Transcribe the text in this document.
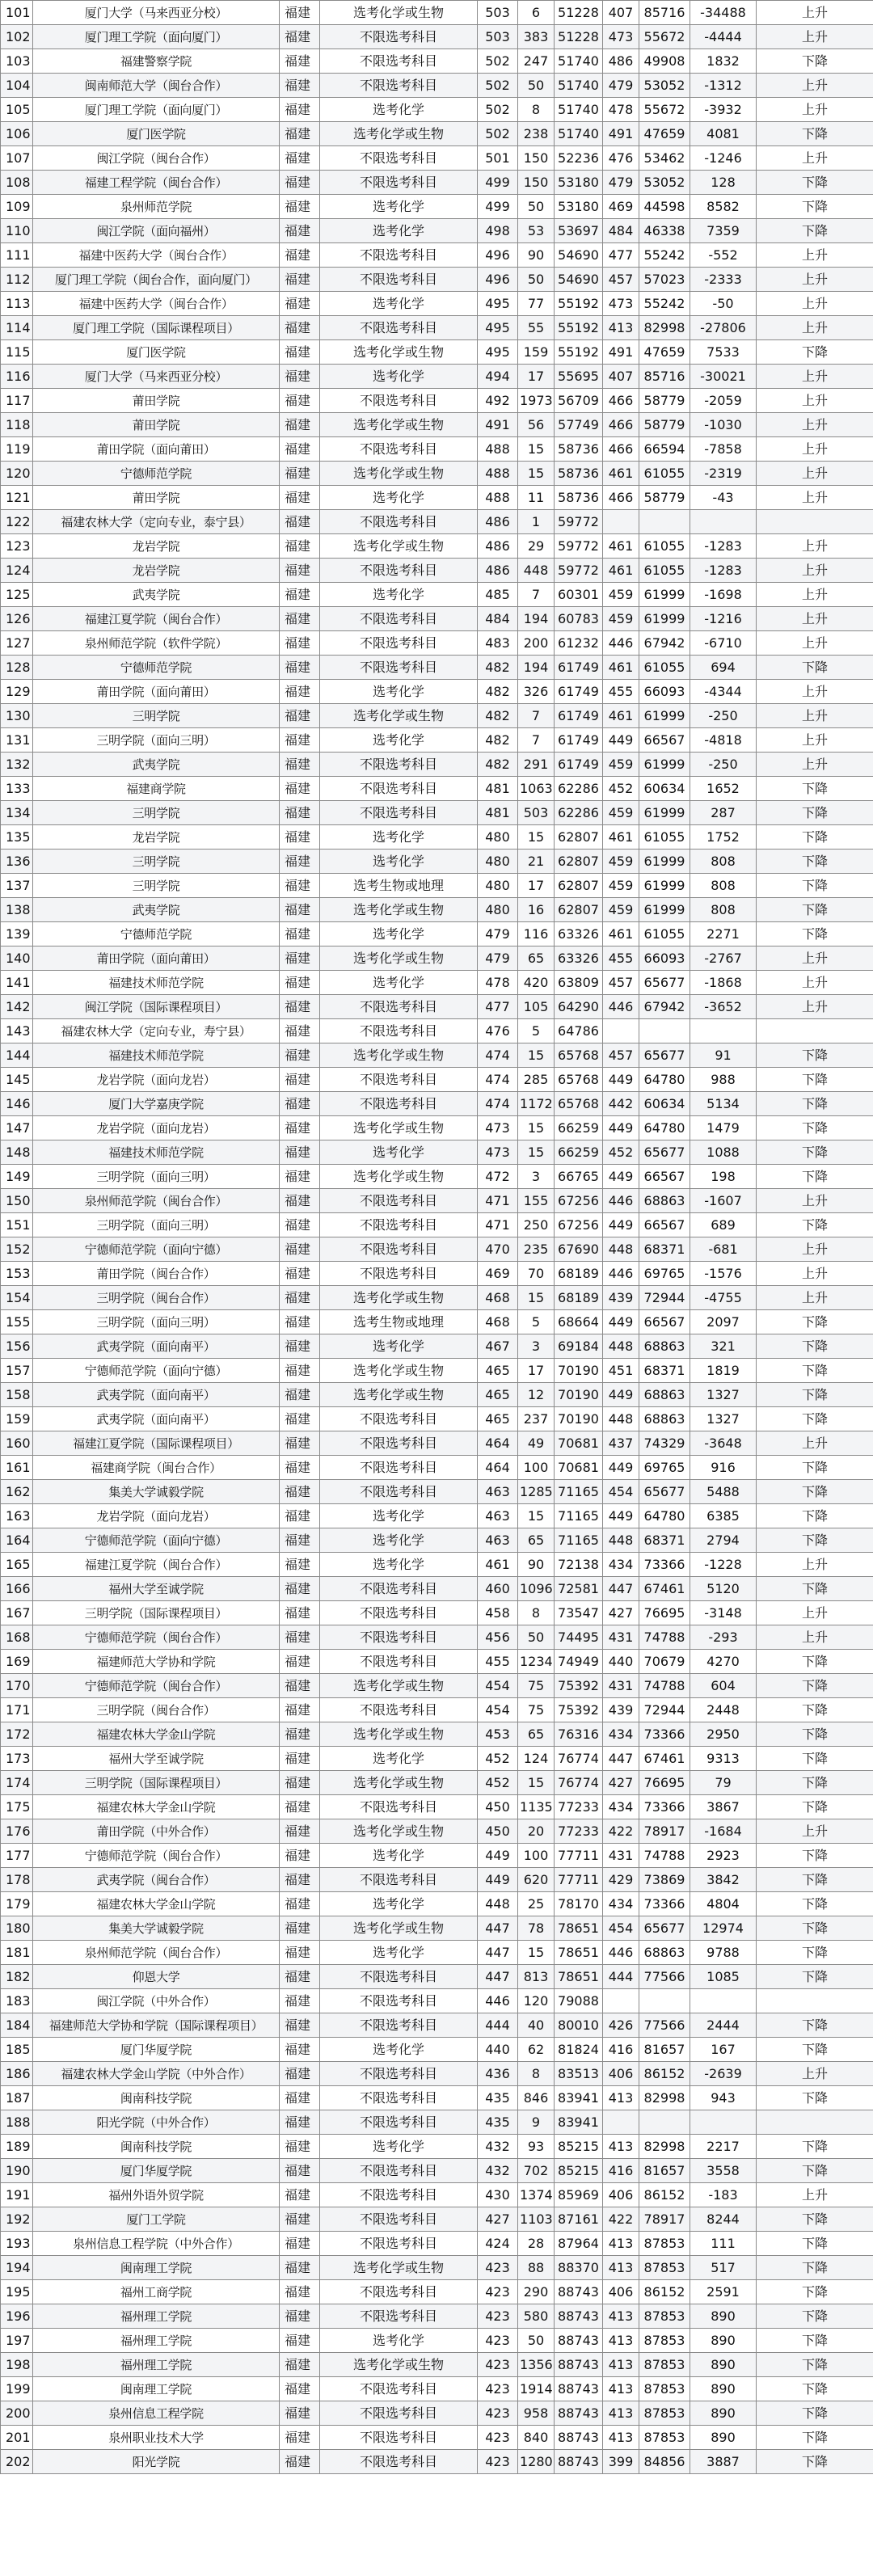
101	厦门大学（马来西亚分校）	福建	选考化学或生物	503	6	51228	407	85716	-34488	上升
102	厦门理工学院（面向厦门）	福建	不限选考科目	503	383	51228	473	55672	-4444	上升
103	福建警察学院	福建	不限选考科目	502	247	51740	486	49908	1832	下降
104	闽南师范大学（闽台合作）	福建	不限选考科目	502	50	51740	479	53052	-1312	上升
105	厦门理工学院（面向厦门）	福建	选考化学	502	8	51740	478	55672	-3932	上升
106	厦门医学院	福建	选考化学或生物	502	238	51740	491	47659	4081	下降
107	闽江学院（闽台合作）	福建	不限选考科目	501	150	52236	476	53462	-1246	上升
108	福建工程学院（闽台合作）	福建	不限选考科目	499	150	53180	479	53052	128	下降
109	泉州师范学院	福建	选考化学	499	50	53180	469	44598	8582	下降
110	闽江学院（面向福州）	福建	选考化学	498	53	53697	484	46338	7359	下降
111	福建中医药大学（闽台合作）	福建	不限选考科目	496	90	54690	477	55242	-552	上升
112	厦门理工学院（闽台合作，面向厦门）	福建	不限选考科目	496	50	54690	457	57023	-2333	上升
113	福建中医药大学（闽台合作）	福建	选考化学	495	77	55192	473	55242	-50	上升
114	厦门理工学院（国际课程项目）	福建	不限选考科目	495	55	55192	413	82998	-27806	上升
115	厦门医学院	福建	选考化学或生物	495	159	55192	491	47659	7533	下降
116	厦门大学（马来西亚分校）	福建	选考化学	494	17	55695	407	85716	-30021	上升
117	莆田学院	福建	不限选考科目	492	1973	56709	466	58779	-2059	上升
118	莆田学院	福建	选考化学或生物	491	56	57749	466	58779	-1030	上升
119	莆田学院（面向莆田）	福建	不限选考科目	488	15	58736	466	66594	-7858	上升
120	宁德师范学院	福建	选考化学或生物	488	15	58736	461	61055	-2319	上升
121	莆田学院	福建	选考化学	488	11	58736	466	58779	-43	上升
122	福建农林大学（定向专业，泰宁县）	福建	不限选考科目	486	1	59772				
123	龙岩学院	福建	选考化学或生物	486	29	59772	461	61055	-1283	上升
124	龙岩学院	福建	不限选考科目	486	448	59772	461	61055	-1283	上升
125	武夷学院	福建	选考化学	485	7	60301	459	61999	-1698	上升
126	福建江夏学院（闽台合作）	福建	不限选考科目	484	194	60783	459	61999	-1216	上升
127	泉州师范学院（软件学院）	福建	不限选考科目	483	200	61232	446	67942	-6710	上升
128	宁德师范学院	福建	不限选考科目	482	194	61749	461	61055	694	下降
129	莆田学院（面向莆田）	福建	选考化学	482	326	61749	455	66093	-4344	上升
130	三明学院	福建	选考化学或生物	482	7	61749	461	61999	-250	上升
131	三明学院（面向三明）	福建	选考化学	482	7	61749	449	66567	-4818	上升
132	武夷学院	福建	不限选考科目	482	291	61749	459	61999	-250	上升
133	福建商学院	福建	不限选考科目	481	1063	62286	452	60634	1652	下降
134	三明学院	福建	不限选考科目	481	503	62286	459	61999	287	下降
135	龙岩学院	福建	选考化学	480	15	62807	461	61055	1752	下降
136	三明学院	福建	选考化学	480	21	62807	459	61999	808	下降
137	三明学院	福建	选考生物或地理	480	17	62807	459	61999	808	下降
138	武夷学院	福建	选考化学或生物	480	16	62807	459	61999	808	下降
139	宁德师范学院	福建	选考化学	479	116	63326	461	61055	2271	下降
140	莆田学院（面向莆田）	福建	选考化学或生物	479	65	63326	455	66093	-2767	上升
141	福建技术师范学院	福建	选考化学	478	420	63809	457	65677	-1868	上升
142	闽江学院（国际课程项目）	福建	不限选考科目	477	105	64290	446	67942	-3652	上升
143	福建农林大学（定向专业，寿宁县）	福建	不限选考科目	476	5	64786				
144	福建技术师范学院	福建	选考化学或生物	474	15	65768	457	65677	91	下降
145	龙岩学院（面向龙岩）	福建	不限选考科目	474	285	65768	449	64780	988	下降
146	厦门大学嘉庚学院	福建	不限选考科目	474	1172	65768	442	60634	5134	下降
147	龙岩学院（面向龙岩）	福建	选考化学或生物	473	15	66259	449	64780	1479	下降
148	福建技术师范学院	福建	选考化学	473	15	66259	452	65677	1088	下降
149	三明学院（面向三明）	福建	选考化学或生物	472	3	66765	449	66567	198	下降
150	泉州师范学院（闽台合作）	福建	不限选考科目	471	155	67256	446	68863	-1607	上升
151	三明学院（面向三明）	福建	不限选考科目	471	250	67256	449	66567	689	下降
152	宁德师范学院（面向宁德）	福建	不限选考科目	470	235	67690	448	68371	-681	上升
153	莆田学院（闽台合作）	福建	不限选考科目	469	70	68189	446	69765	-1576	上升
154	三明学院（闽台合作）	福建	选考化学或生物	468	15	68189	439	72944	-4755	上升
155	三明学院（面向三明）	福建	选考生物或地理	468	5	68664	449	66567	2097	下降
156	武夷学院（面向南平）	福建	选考化学	467	3	69184	448	68863	321	下降
157	宁德师范学院（面向宁德）	福建	选考化学或生物	465	17	70190	451	68371	1819	下降
158	武夷学院（面向南平）	福建	选考化学或生物	465	12	70190	449	68863	1327	下降
159	武夷学院（面向南平）	福建	不限选考科目	465	237	70190	448	68863	1327	下降
160	福建江夏学院（国际课程项目）	福建	不限选考科目	464	49	70681	437	74329	-3648	上升
161	福建商学院（闽台合作）	福建	不限选考科目	464	100	70681	449	69765	916	下降
162	集美大学诚毅学院	福建	不限选考科目	463	1285	71165	454	65677	5488	下降
163	龙岩学院（面向龙岩）	福建	选考化学	463	15	71165	449	64780	6385	下降
164	宁德师范学院（面向宁德）	福建	选考化学	463	65	71165	448	68371	2794	下降
165	福建江夏学院（闽台合作）	福建	选考化学	461	90	72138	434	73366	-1228	上升
166	福州大学至诚学院	福建	不限选考科目	460	1096	72581	447	67461	5120	下降
167	三明学院（国际课程项目）	福建	不限选考科目	458	8	73547	427	76695	-3148	上升
168	宁德师范学院（闽台合作）	福建	不限选考科目	456	50	74495	431	74788	-293	上升
169	福建师范大学协和学院	福建	不限选考科目	455	1234	74949	440	70679	4270	下降
170	宁德师范学院（闽台合作）	福建	选考化学或生物	454	75	75392	431	74788	604	下降
171	三明学院（闽台合作）	福建	不限选考科目	454	75	75392	439	72944	2448	下降
172	福建农林大学金山学院	福建	选考化学或生物	453	65	76316	434	73366	2950	下降
173	福州大学至诚学院	福建	选考化学	452	124	76774	447	67461	9313	下降
174	三明学院（国际课程项目）	福建	选考化学或生物	452	15	76774	427	76695	79	下降
175	福建农林大学金山学院	福建	不限选考科目	450	1135	77233	434	73366	3867	下降
176	莆田学院（中外合作）	福建	选考化学或生物	450	20	77233	422	78917	-1684	上升
177	宁德师范学院（闽台合作）	福建	选考化学	449	100	77711	431	74788	2923	下降
178	武夷学院（闽台合作）	福建	不限选考科目	449	620	77711	429	73869	3842	下降
179	福建农林大学金山学院	福建	选考化学	448	25	78170	434	73366	4804	下降
180	集美大学诚毅学院	福建	选考化学或生物	447	78	78651	454	65677	12974	下降
181	泉州师范学院（闽台合作）	福建	选考化学	447	15	78651	446	68863	9788	下降
182	仰恩大学	福建	不限选考科目	447	813	78651	444	77566	1085	下降
183	闽江学院（中外合作）	福建	不限选考科目	446	120	79088				
184	福建师范大学协和学院（国际课程项目）	福建	不限选考科目	444	40	80010	426	77566	2444	下降
185	厦门华厦学院	福建	选考化学	440	62	81824	416	81657	167	下降
186	福建农林大学金山学院（中外合作）	福建	不限选考科目	436	8	83513	406	86152	-2639	上升
187	闽南科技学院	福建	不限选考科目	435	846	83941	413	82998	943	下降
188	阳光学院（中外合作）	福建	不限选考科目	435	9	83941				
189	闽南科技学院	福建	选考化学	432	93	85215	413	82998	2217	下降
190	厦门华厦学院	福建	不限选考科目	432	702	85215	416	81657	3558	下降
191	福州外语外贸学院	福建	不限选考科目	430	1374	85969	406	86152	-183	上升
192	厦门工学院	福建	不限选考科目	427	1103	87161	422	78917	8244	下降
193	泉州信息工程学院（中外合作）	福建	不限选考科目	424	28	87964	413	87853	111	下降
194	闽南理工学院	福建	选考化学或生物	423	88	88370	413	87853	517	下降
195	福州工商学院	福建	不限选考科目	423	290	88743	406	86152	2591	下降
196	福州理工学院	福建	不限选考科目	423	580	88743	413	87853	890	下降
197	福州理工学院	福建	选考化学	423	50	88743	413	87853	890	下降
198	福州理工学院	福建	选考化学或生物	423	1356	88743	413	87853	890	下降
199	闽南理工学院	福建	不限选考科目	423	1914	88743	413	87853	890	下降
200	泉州信息工程学院	福建	不限选考科目	423	958	88743	413	87853	890	下降
201	泉州职业技术大学	福建	不限选考科目	423	840	88743	413	87853	890	下降
202	阳光学院	福建	不限选考科目	423	1280	88743	399	84856	3887	下降
